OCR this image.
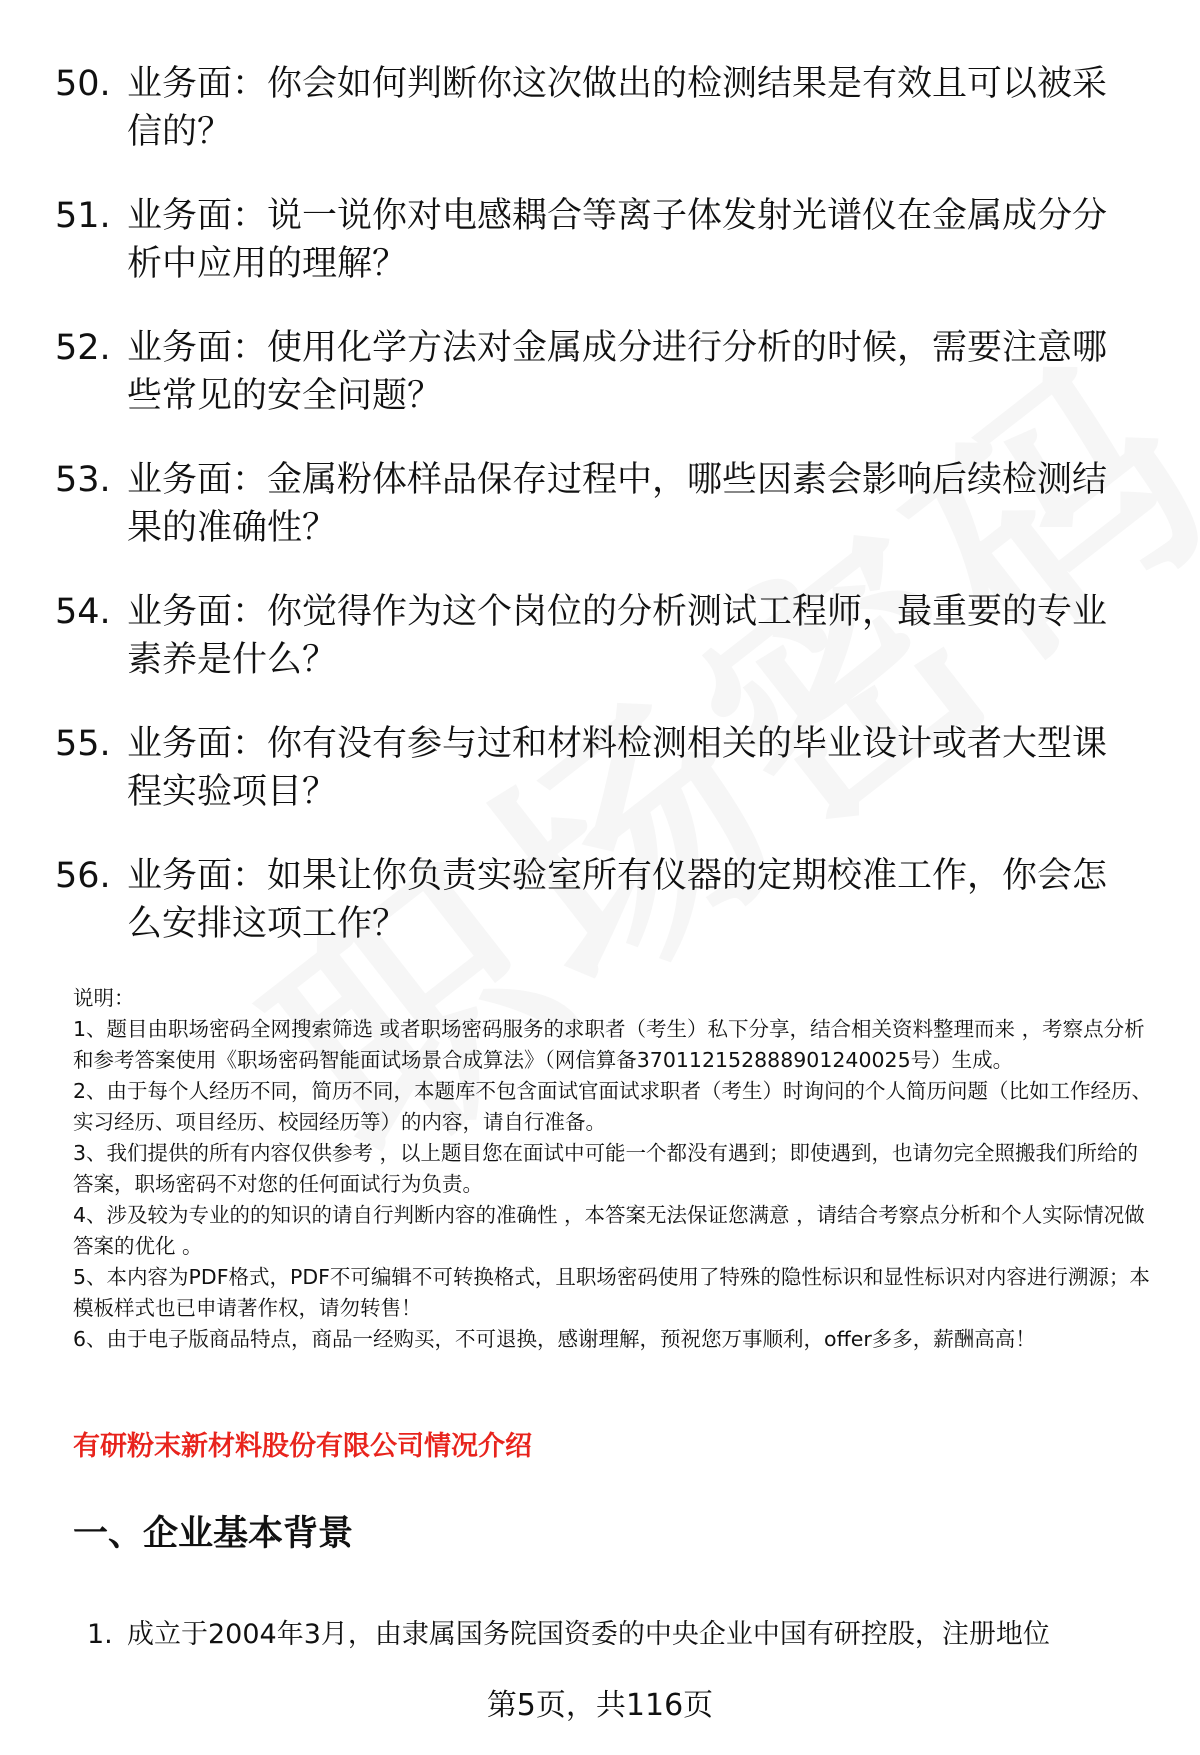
50. 业务面：你会如何判断你这次做出的检测结果是有效且可以被采信的？
51. 业务面：说一说你对电感耦合等离子体发射光谱仪在金属成分分析中应用的理解？
52. 业务面：使用化学方法对金属成分进行分析的时候，需要注意哪些常见的安全问题？
53. 业务面：金属粉体样品保存过程中，哪些因素会影响后续检测结果的准确性？
54. 业务面：你觉得作为这个岗位的分析测试工程师，最重要的专业素养是什么？
55. 业务面：你有没有参与过和材料检测相关的毕业设计或者大型课程实验项目？
56. 业务面：如果让你负责实验室所有仪器的定期校准工作，你会怎么安排这项工作？

说明：

1、题目由职场密码全网搜索筛选 或者职场密码服务的求职者（考生）私下分享，结合相关资料整理而来 ，考察点分析和参考答案使用《职场密码智能面试场景合成算法》（网信算备370112152888901240025号）生成。

2、由于每个人经历不同，简历不同，本题库不包含面试官面试求职者（考生）时询问的个人简历问题（比如工作经历、实习经历、项目经历、校园经历等）的内容，请自行准备。

3、我们提供的所有内容仅供参考 ，以上题目您在面试中可能一个都没有遇到；即使遇到，也请勿完全照搬我们所给的答案，职场密码不对您的任何面试行为负责。

4、涉及较为专业的的知识的请自行判断内容的准确性 ，本答案无法保证您满意 ，请结合考察点分析和个人实际情况做答案的优化 。

5、本内容为PDF格式，PDF不可编辑不可转换格式，且职场密码使用了特殊的隐性标识和显性标识对内容进行溯源；本模板样式也已申请著作权，请勿转售！

6、由于电子版商品特点，商品一经购买，不可退换，感谢理解，预祝您万事顺利，offer多多，薪酬高高！

有研粉末新材料股份有限公司情况介绍
一、企业基本背景
1. 成立于2004年3月，由隶属国务院国资委的中央企业中国有研控股，注册地位
第5页，共116页
